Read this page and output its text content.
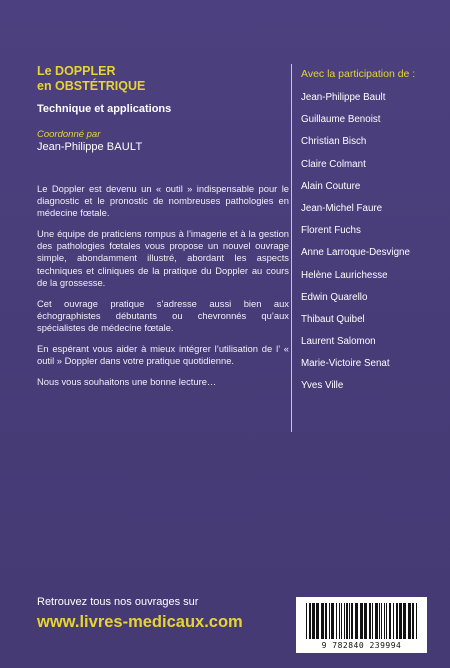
Le DOPPLER
en OBSTÉTRIQUE
Technique et applications
Coordonné par
Jean-Philippe BAULT

Le Doppler est devenu un « outil » indispensable pour le diagnostic et le pronostic de nombreuses pathologies en médecine fœtale.

Une équipe de praticiens rompus à l’imagerie et à la gestion des pathologies fœtales vous propose un nouvel ouvrage simple, abondamment illustré, abordant les aspects techniques et cliniques de la pratique du Doppler au cours de la grossesse.

Cet ouvrage pratique s’adresse aussi bien aux échographistes débutants ou chevronnés qu’aux spécialistes de médecine fœtale.

En espérant vous aider à mieux intégrer l’utilisation de l’ « outil » Doppler dans votre pratique quotidienne.

Nous vous souhaitons une bonne lecture…

Avec la participation de :
Jean-Philippe Bault
Guillaume Benoist
Christian Bisch
Claire Colmant
Alain Couture
Jean-Michel Faure
Florent Fuchs
Anne Larroque-Desvigne
Helène Laurichesse
Edwin Quarello
Thibaut Quibel
Laurent Salomon
Marie-Victoire Senat
Yves Ville
Retrouvez tous nos ouvrages sur
www.livres-medicaux.com
9 782840 239994
